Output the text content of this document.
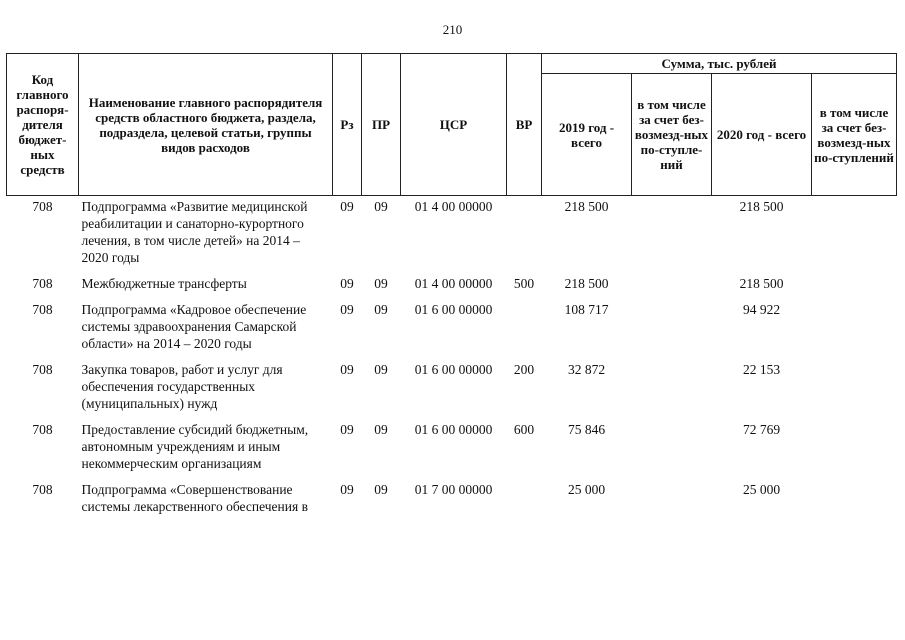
210
Код главного распоря-дителя бюджет-ных средств	Наименование главного распорядителя средств областного бюджета, раздела, подраздела, целевой статьи, группы видов расходов	Рз	ПР	ЦСР	ВР	Сумма, тыс. рублей			
						2019 год - всего	в том числе за счет без-возмезд-ных по-ступле-ний	2020 год - всего	в том числе за счет без-возмезд-ных по-ступлений
708	Подпрограмма «Развитие медицинской реабилитации и санаторно-курортного лечения, в том числе детей» на 2014 – 2020 годы	09	09	01 4 00 00000		218 500		218 500	
708	Межбюджетные трансферты	09	09	01 4 00 00000	500	218 500		218 500	
708	Подпрограмма «Кадровое обеспечение системы здравоохранения Самарской области» на 2014 – 2020 годы	09	09	01 6 00 00000		108 717		94 922	
708	Закупка товаров, работ и услуг для обеспечения государственных (муниципальных) нужд	09	09	01 6 00 00000	200	32 872		22 153	
708	Предоставление субсидий бюджетным, автономным учреждениям и иным некоммерческим организациям	09	09	01 6 00 00000	600	75 846		72 769	
708	Подпрограмма «Совершенствование системы лекарственного обеспечения в	09	09	01 7 00 00000		25 000		25 000	
